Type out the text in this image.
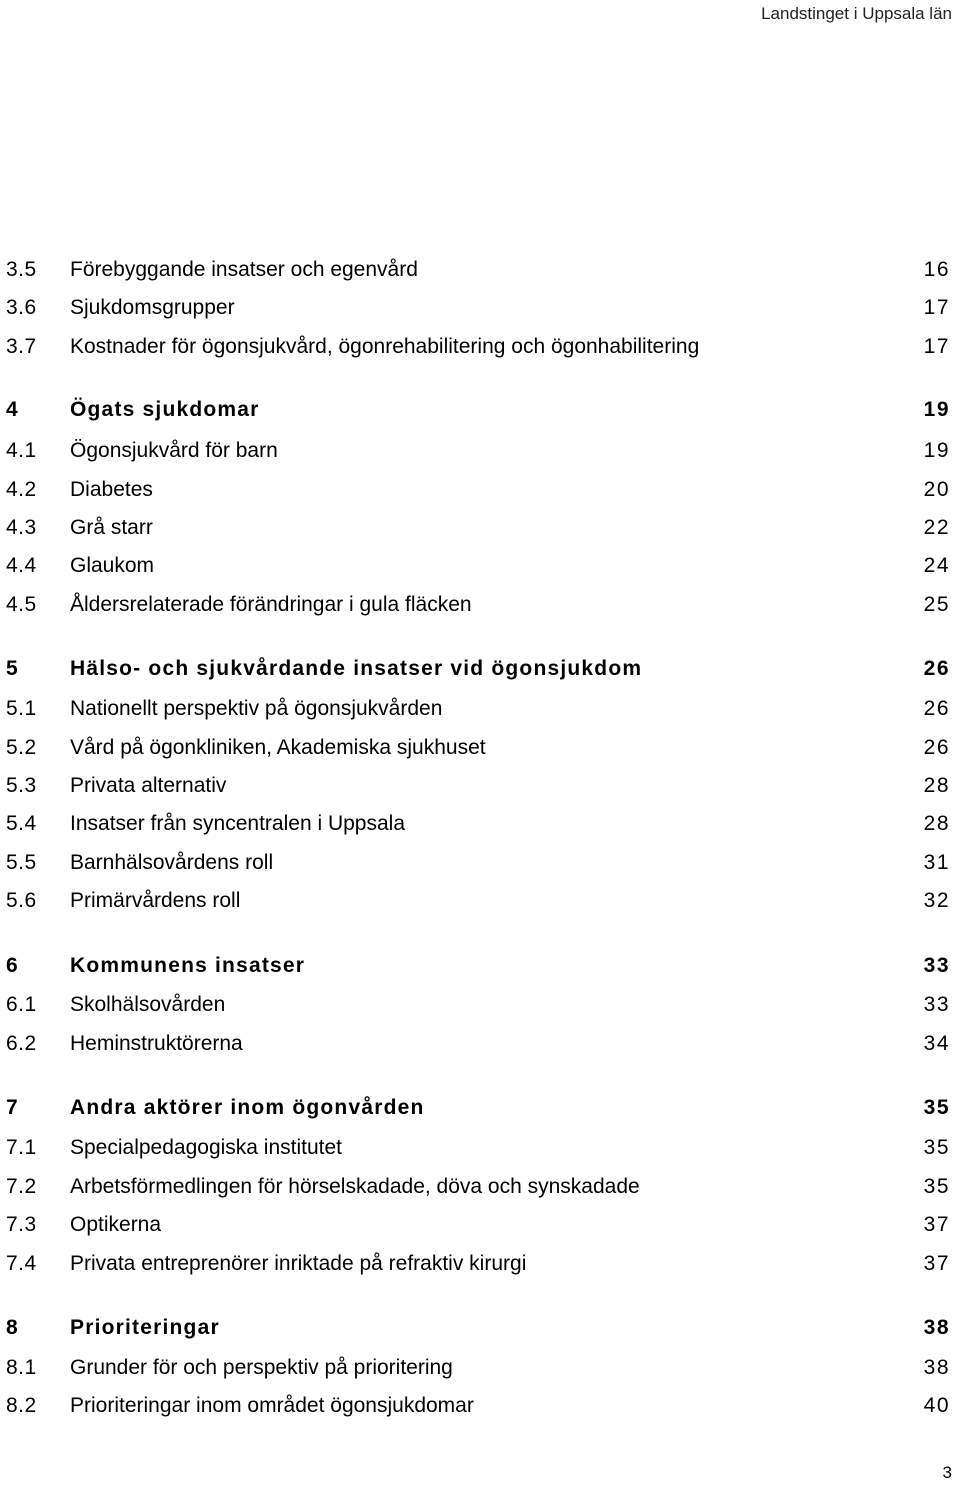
Landstinget i Uppsala län
3.5 Förebyggande insatser och egenvård	16
3.6 Sjukdomsgrupper	17
3.7 Kostnader för ögonsjukvård, ögonrehabilitering och ögonhabilitering	17
4 Ögats sjukdomar	19
4.1 Ögonsjukvård för barn	19
4.2 Diabetes	20
4.3 Grå starr	22
4.4 Glaukom	24
4.5 Åldersrelaterade förändringar i gula fläcken	25
5 Hälso- och sjukvårdande insatser vid ögonsjukdom	26
5.1 Nationellt perspektiv på ögonsjukvården	26
5.2 Vård på ögonkliniken, Akademiska sjukhuset	26
5.3 Privata alternativ	28
5.4 Insatser från syncentralen i Uppsala	28
5.5 Barnhälsovårdens roll	31
5.6 Primärvårdens roll	32
6 Kommunens insatser	33
6.1 Skolhälsovården	33
6.2 Heminstruktörerna	34
7 Andra aktörer inom ögonvården	35
7.1 Specialpedagogiska institutet	35
7.2 Arbetsförmedlingen för hörselskadade, döva och synskadade	35
7.3 Optikerna	37
7.4 Privata entreprenörer inriktade på refraktiv kirurgi	37
8 Prioriteringar	38
8.1 Grunder för och perspektiv på prioritering	38
8.2 Prioriteringar inom området ögonsjukdomar	40
3
